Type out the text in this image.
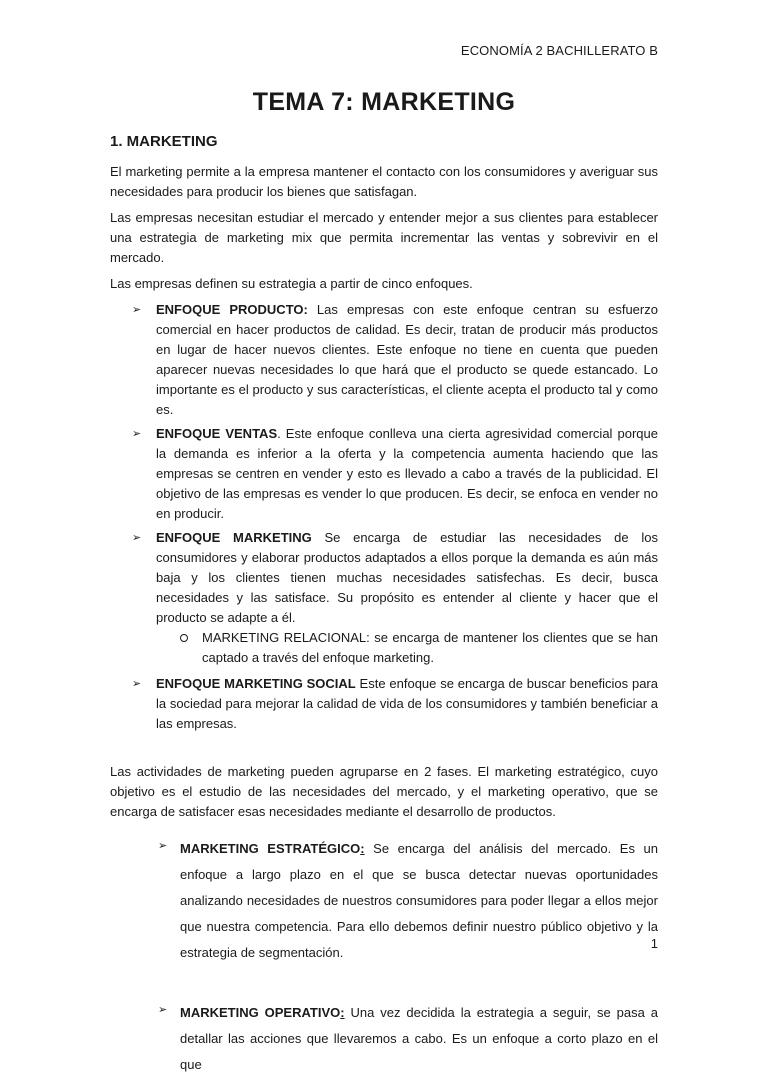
ECONOMÍA 2 BACHILLERATO B
TEMA 7: MARKETING
1. MARKETING

El marketing permite a la empresa mantener el contacto con los consumidores y averiguar sus necesidades para producir los bienes que satisfagan.

Las empresas necesitan estudiar el mercado y entender mejor a sus clientes para establecer una estrategia de marketing mix que permita incrementar las ventas y sobrevivir en el mercado.

Las empresas definen su estrategia a partir de cinco enfoques.

➢ ENFOQUE PRODUCTO: Las empresas con este enfoque centran su esfuerzo comercial en hacer productos de calidad. Es decir, tratan de producir más productos en lugar de hacer nuevos clientes. Este enfoque no tiene en cuenta que pueden aparecer nuevas necesidades lo que hará que el producto se quede estancado. Lo importante es el producto y sus características, el cliente acepta el producto tal y como es.
➢ ENFOQUE VENTAS. Este enfoque conlleva una cierta agresividad comercial porque la demanda es inferior a la oferta y la competencia aumenta haciendo que las empresas se centren en vender y esto es llevado a cabo a través de la publicidad. El objetivo de las empresas es vender lo que producen. Es decir, se enfoca en vender no en producir.
➢ ENFOQUE MARKETING Se encarga de estudiar las necesidades de los consumidores y elaborar productos adaptados a ellos porque la demanda es aún más baja y los clientes tienen muchas necesidades satisfechas. Es decir, busca necesidades y las satisface. Su propósito es entender al cliente y hacer que el producto se adapte a él.
MARKETING RELACIONAL: se encarga de mantener los clientes que se han captado a través del enfoque marketing.
➢ ENFOQUE MARKETING SOCIAL Este enfoque se encarga de buscar beneficios para la sociedad para mejorar la calidad de vida de los consumidores y también beneficiar a las empresas.

Las actividades de marketing pueden agruparse en 2 fases. El marketing estratégico, cuyo objetivo es el estudio de las necesidades del mercado, y el marketing operativo, que se encarga de satisfacer esas necesidades mediante el desarrollo de productos.

➢ MARKETING ESTRATÉGICO: Se encarga del análisis del mercado. Es un enfoque a largo plazo en el que se busca detectar nuevas oportunidades analizando necesidades de nuestros consumidores para poder llegar a ellos mejor que nuestra competencia. Para ello debemos definir nuestro público objetivo y la estrategia de segmentación.
➢ MARKETING OPERATIVO: Una vez decidida la estrategia a seguir, se pasa a detallar las acciones que llevaremos a cabo. Es un enfoque a corto plazo en el que
1
